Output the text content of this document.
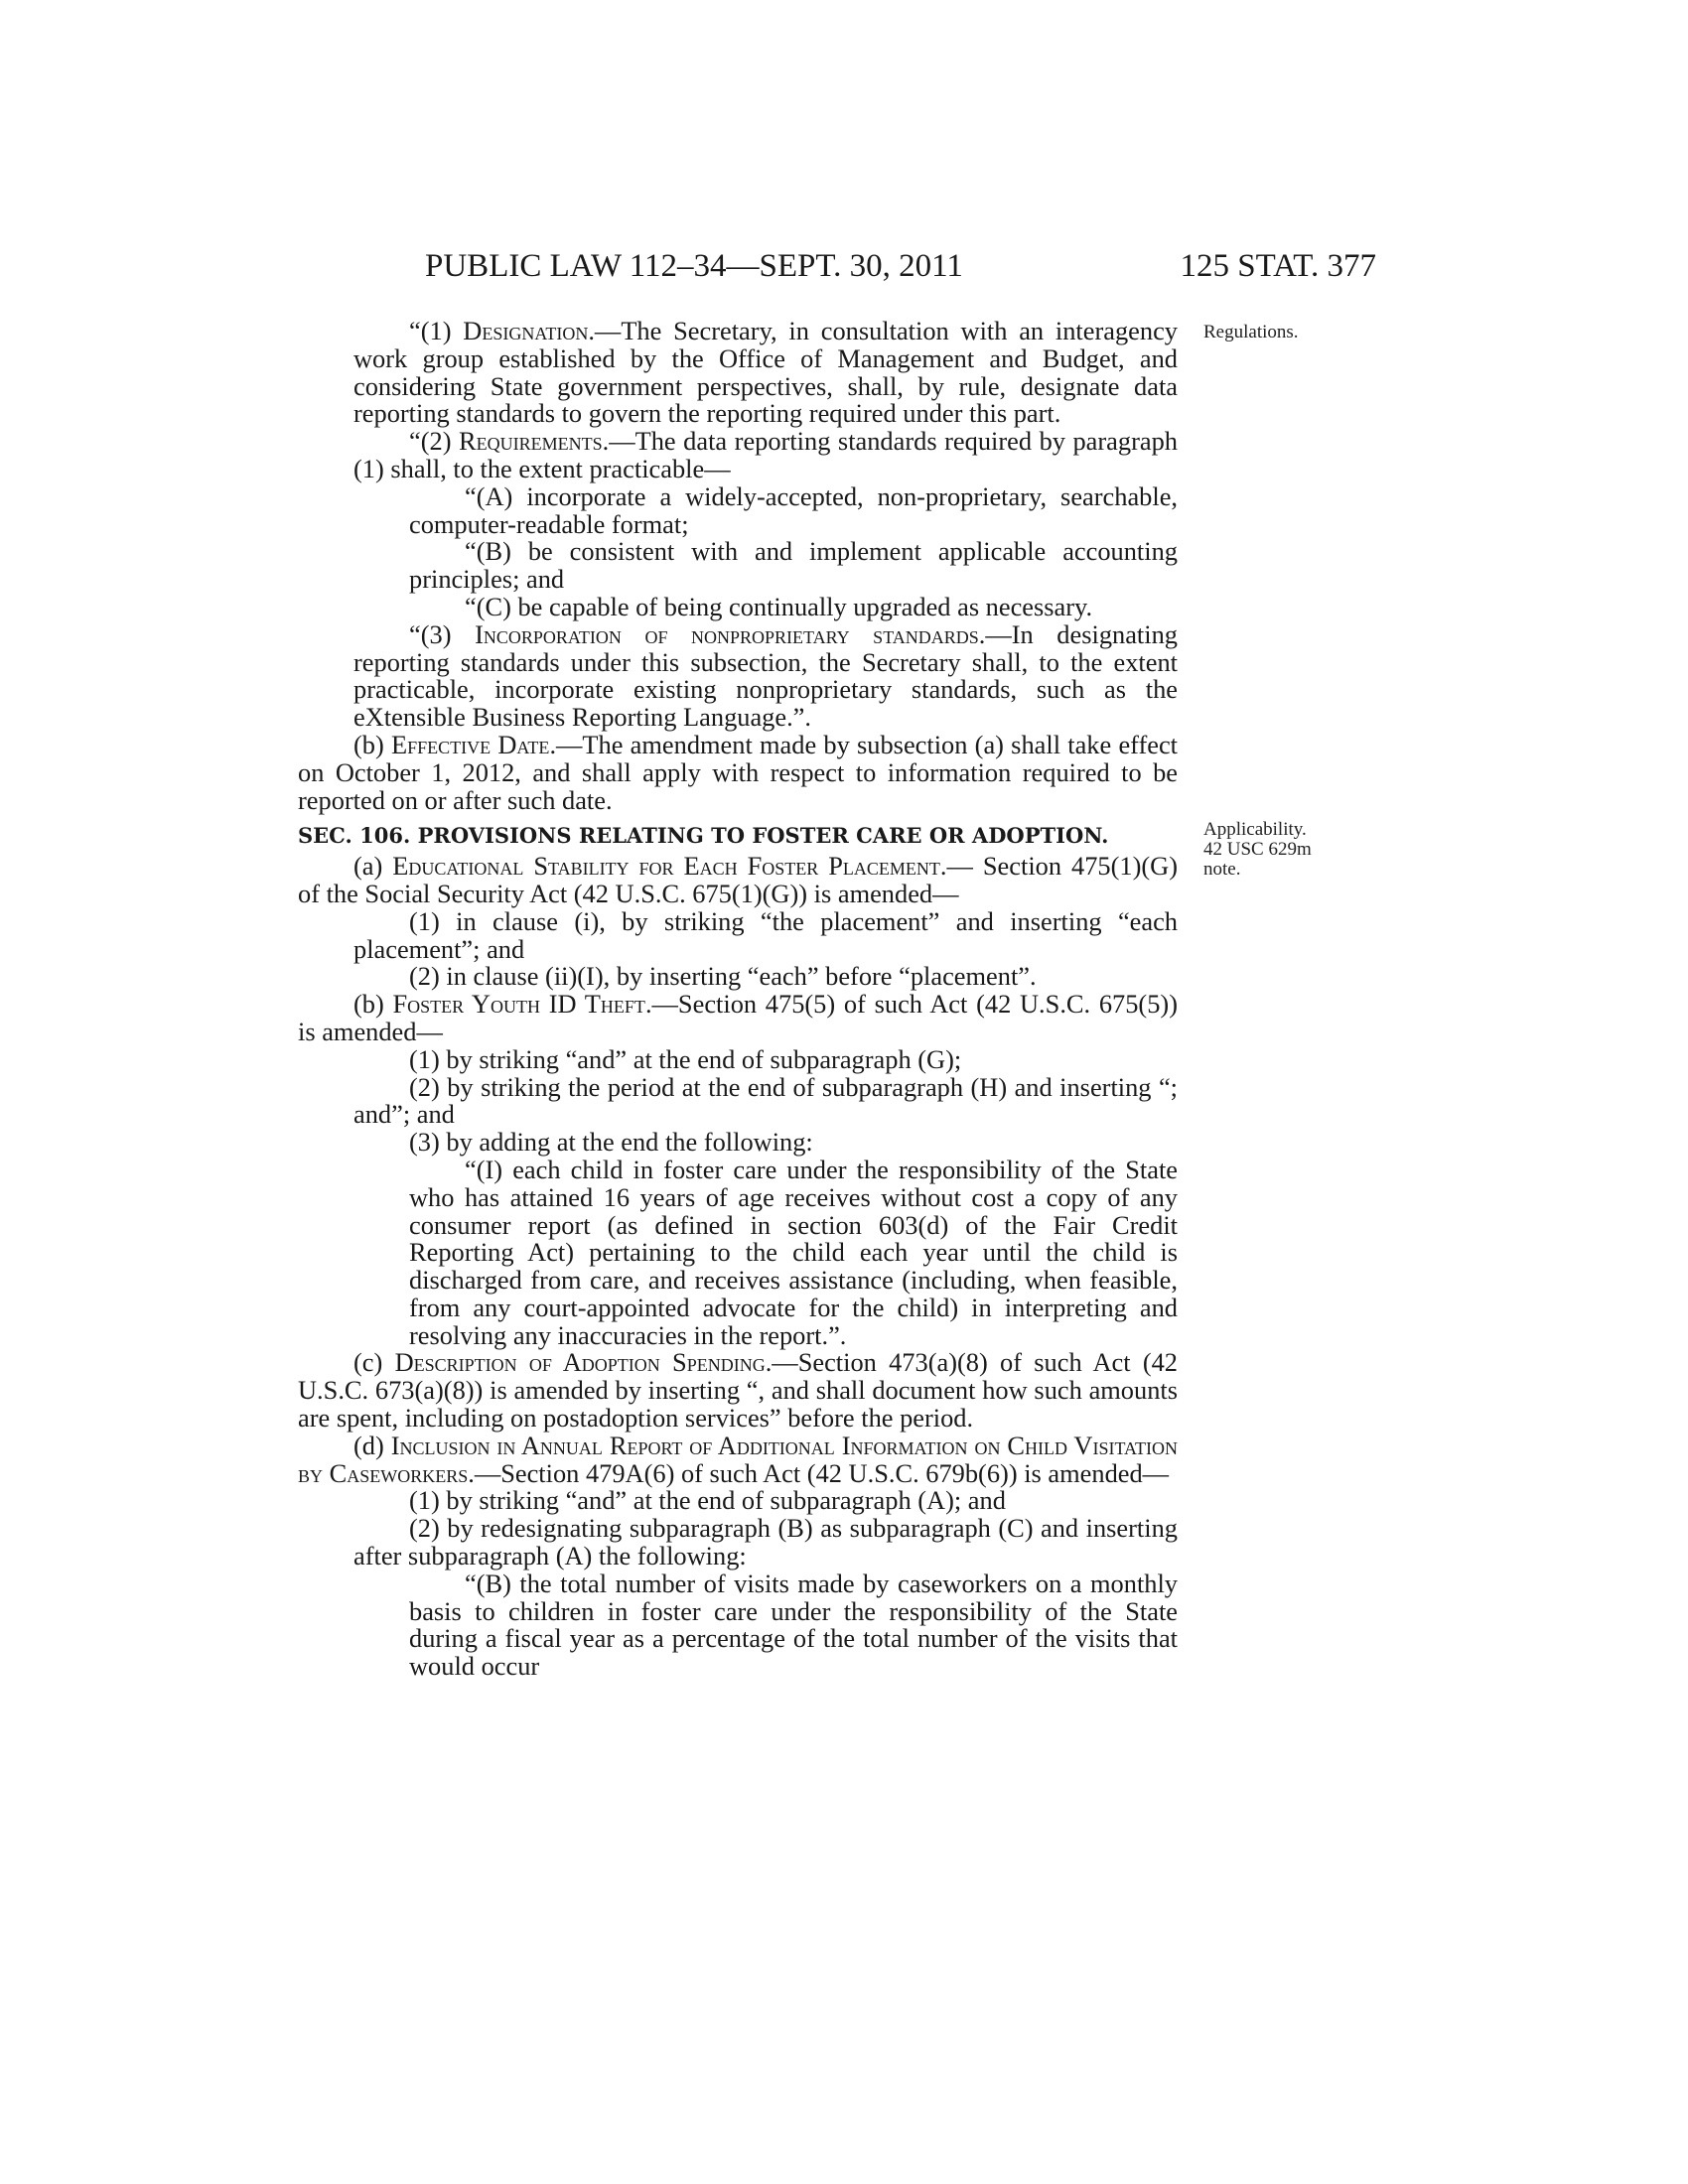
PUBLIC LAW 112–34—SEPT. 30, 2011	125 STAT. 377
Regulations.
Applicability.
42 USC 629m
note.

“(1) Designation.—The Secretary, in consultation with an interagency work group established by the Office of Management and Budget, and considering State government perspectives, shall, by rule, designate data reporting standards to govern the reporting required under this part.

“(2) Requirements.—The data reporting standards required by paragraph (1) shall, to the extent practicable—

“(A) incorporate a widely-accepted, non-proprietary, searchable, computer-readable format;

“(B) be consistent with and implement applicable accounting principles; and

“(C) be capable of being continually upgraded as necessary.

“(3) Incorporation of nonproprietary standards.—In designating reporting standards under this subsection, the Secretary shall, to the extent practicable, incorporate existing nonproprietary standards, such as the eXtensible Business Reporting Language.”.

(b) Effective Date.—The amendment made by subsection (a) shall take effect on October 1, 2012, and shall apply with respect to information required to be reported on or after such date.

SEC. 106. PROVISIONS RELATING TO FOSTER CARE OR ADOPTION.

(a) Educational Stability for Each Foster Placement.— Section 475(1)(G) of the Social Security Act (42 U.S.C. 675(1)(G)) is amended—

(1) in clause (i), by striking “the placement” and inserting “each placement”; and

(2) in clause (ii)(I), by inserting “each” before “placement”.

(b) Foster Youth ID Theft.—Section 475(5) of such Act (42 U.S.C. 675(5)) is amended—

(1) by striking “and” at the end of subparagraph (G);

(2) by striking the period at the end of subparagraph (H) and inserting “; and”; and

(3) by adding at the end the following:

“(I) each child in foster care under the responsibility of the State who has attained 16 years of age receives without cost a copy of any consumer report (as defined in section 603(d) of the Fair Credit Reporting Act) pertaining to the child each year until the child is discharged from care, and receives assistance (including, when feasible, from any court-appointed advocate for the child) in interpreting and resolving any inaccuracies in the report.”.

(c) Description of Adoption Spending.—Section 473(a)(8) of such Act (42 U.S.C. 673(a)(8)) is amended by inserting “, and shall document how such amounts are spent, including on postadoption services” before the period.

(d) Inclusion in Annual Report of Additional Information on Child Visitation by Caseworkers.—Section 479A(6) of such Act (42 U.S.C. 679b(6)) is amended—

(1) by striking “and” at the end of subparagraph (A); and

(2) by redesignating subparagraph (B) as subparagraph (C) and inserting after subparagraph (A) the following:

“(B) the total number of visits made by caseworkers on a monthly basis to children in foster care under the responsibility of the State during a fiscal year as a percentage of the total number of the visits that would occur
